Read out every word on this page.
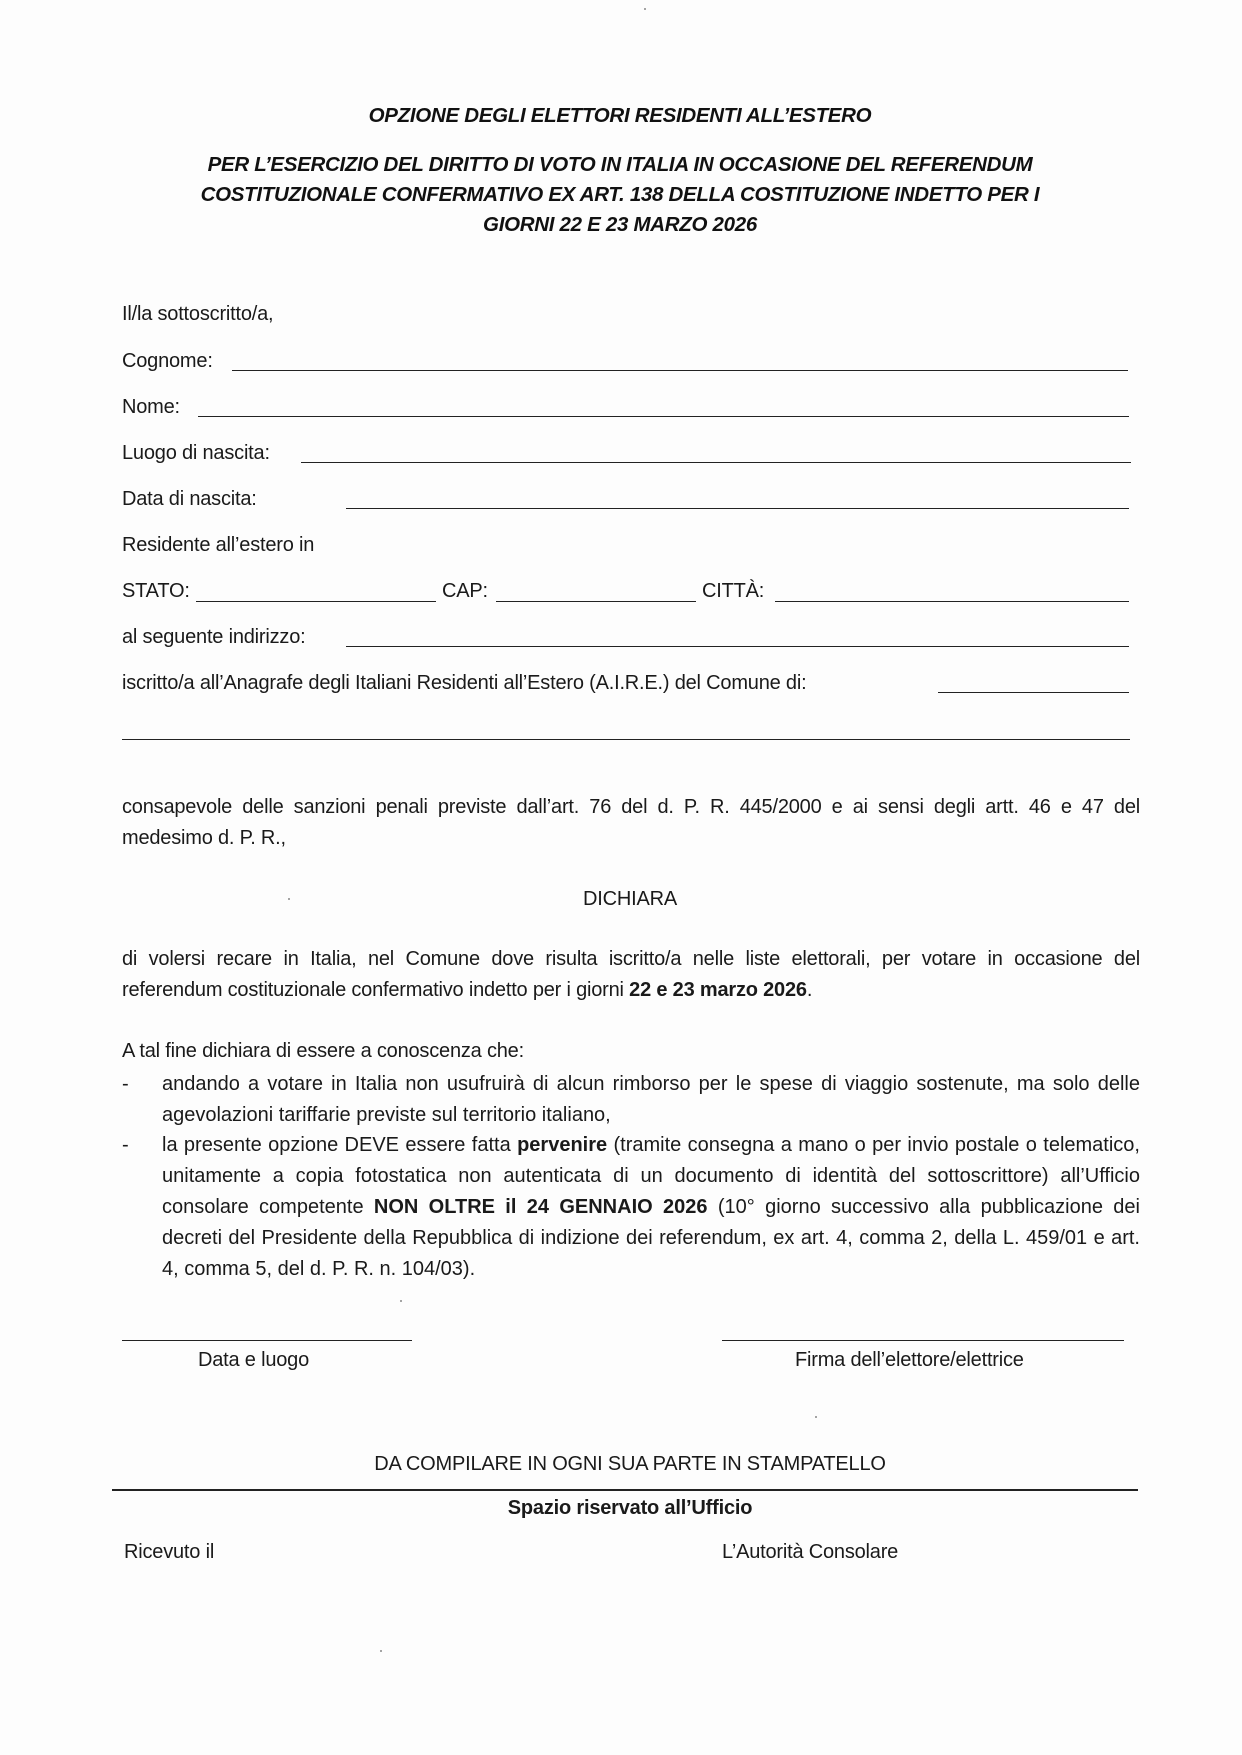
OPZIONE DEGLI ELETTORI RESIDENTI ALL’ESTERO
PER L’ESERCIZIO DEL DIRITTO DI VOTO IN ITALIA IN OCCASIONE DEL REFERENDUM
COSTITUZIONALE CONFERMATIVO EX ART. 138 DELLA COSTITUZIONE INDETTO PER I
GIORNI 22 E 23 MARZO 2026
Il/la sottoscritto/a,
Cognome:
Nome:
Luogo di nascita:
Data di nascita:
Residente all’estero in
STATO:	CAP:	CITTÀ:
al seguente indirizzo:
iscritto/a all’Anagrafe degli Italiani Residenti all’Estero (A.I.R.E.) del Comune di:
consapevole delle sanzioni penali previste dall’art. 76 del d. P. R. 445/2000 e ai sensi degli artt. 46 e 47 del medesimo d. P. R.,
DICHIARA
di volersi recare in Italia, nel Comune dove risulta iscritto/a nelle liste elettorali, per votare in occasione del referendum costituzionale confermativo indetto per i giorni 22 e 23 marzo 2026.
A tal fine dichiara di essere a conoscenza che:
- andando a votare in Italia non usufruirà di alcun rimborso per le spese di viaggio sostenute, ma solo delle agevolazioni tariffarie previste sul territorio italiano,
- la presente opzione DEVE essere fatta pervenire (tramite consegna a mano o per invio postale o telematico, unitamente a copia fotostatica non autenticata di un documento di identità del sottoscrittore) all’Ufficio consolare competente NON OLTRE il 24 GENNAIO 2026 (10° giorno successivo alla pubblicazione dei decreti del Presidente della Repubblica di indizione dei referendum, ex art. 4, comma 2, della L. 459/01 e art. 4, comma 5, del d. P. R. n. 104/03).
Data e luogo	Firma dell’elettore/elettrice
DA COMPILARE IN OGNI SUA PARTE IN STAMPATELLO
Spazio riservato all’Ufficio
Ricevuto il	L’Autorità Consolare
